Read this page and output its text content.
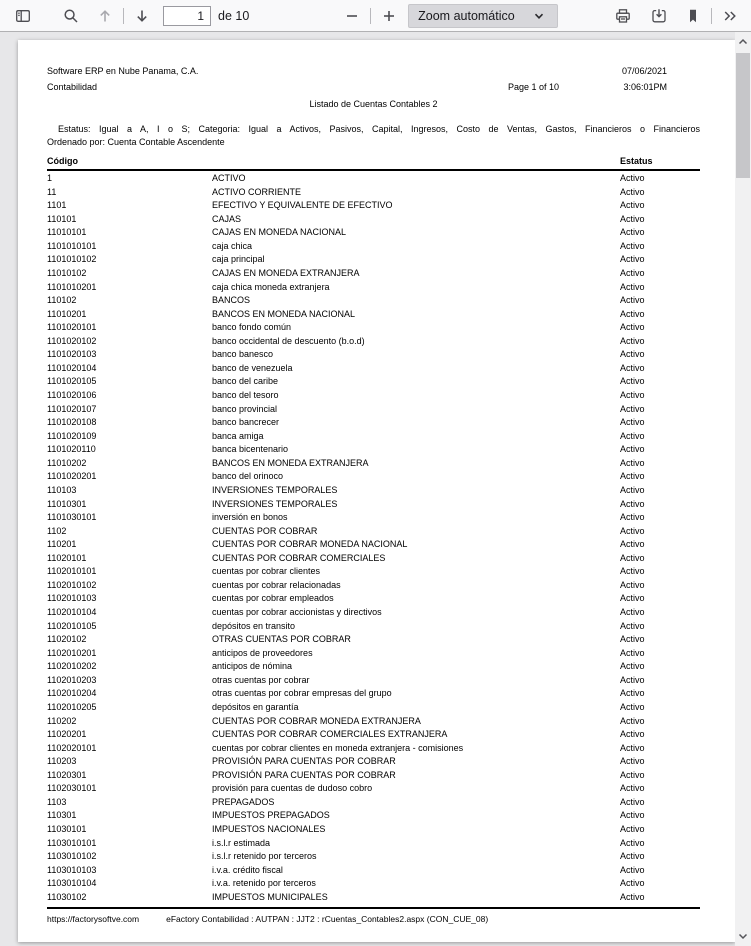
1
de 10	Zoom automático
Software ERP en Nube Panama, C.A.	07/06/2021
Contabilidad	Page 1 of 10	3:06:01PM
Listado de Cuentas Contables 2
Estatus: Igual a A, I o S; Categoria: Igual a Activos, Pasivos, Capital, Ingresos, Costo de Ventas, Gastos, Financieros o Financieros
Ordenado por: Cuenta Contable Ascendente
Código	Estatus
1	ACTIVO	Activo
11	ACTIVO CORRIENTE	Activo
1101	EFECTIVO Y EQUIVALENTE DE EFECTIVO	Activo
110101	CAJAS	Activo
11010101	CAJAS EN MONEDA NACIONAL	Activo
1101010101	caja chica	Activo
1101010102	caja principal	Activo
11010102	CAJAS EN MONEDA EXTRANJERA	Activo
1101010201	caja chica moneda extranjera	Activo
110102	BANCOS	Activo
11010201	BANCOS EN MONEDA NACIONAL	Activo
1101020101	banco fondo común	Activo
1101020102	banco occidental de descuento (b.o.d)	Activo
1101020103	banco banesco	Activo
1101020104	banco de venezuela	Activo
1101020105	banco del caribe	Activo
1101020106	banco del tesoro	Activo
1101020107	banco provincial	Activo
1101020108	banco bancrecer	Activo
1101020109	banca amiga	Activo
1101020110	banca bicentenario	Activo
11010202	BANCOS EN MONEDA EXTRANJERA	Activo
1101020201	banco del orinoco	Activo
110103	INVERSIONES TEMPORALES	Activo
11010301	INVERSIONES TEMPORALES	Activo
1101030101	inversión en bonos	Activo
1102	CUENTAS POR COBRAR	Activo
110201	CUENTAS POR COBRAR MONEDA NACIONAL	Activo
11020101	CUENTAS POR COBRAR COMERCIALES	Activo
1102010101	cuentas por cobrar clientes	Activo
1102010102	cuentas por cobrar relacionadas	Activo
1102010103	cuentas por cobrar empleados	Activo
1102010104	cuentas por cobrar accionistas y directivos	Activo
1102010105	depósitos en transito	Activo
11020102	OTRAS CUENTAS POR COBRAR	Activo
1102010201	anticipos de proveedores	Activo
1102010202	anticipos de nómina	Activo
1102010203	otras cuentas por cobrar	Activo
1102010204	otras cuentas por cobrar empresas del grupo	Activo
1102010205	depósitos en garantía	Activo
110202	CUENTAS POR COBRAR MONEDA EXTRANJERA	Activo
11020201	CUENTAS POR COBRAR COMERCIALES EXTRANJERA	Activo
1102020101	cuentas por cobrar clientes en moneda extranjera - comisiones	Activo
110203	PROVISIÓN PARA CUENTAS POR COBRAR	Activo
11020301	PROVISIÓN PARA CUENTAS POR COBRAR	Activo
1102030101	provisión para cuentas de dudoso cobro	Activo
1103	PREPAGADOS	Activo
110301	IMPUESTOS PREPAGADOS	Activo
11030101	IMPUESTOS NACIONALES	Activo
1103010101	i.s.l.r estimada	Activo
1103010102	i.s.l.r retenido por terceros	Activo
1103010103	i.v.a. crédito fiscal	Activo
1103010104	i.v.a. retenido por terceros	Activo
11030102	IMPUESTOS MUNICIPALES	Activo
https://factorysoftve.com	eFactory Contabilidad : AUTPAN : JJT2 : rCuentas_Contables2.aspx (CON_CUE_08)
